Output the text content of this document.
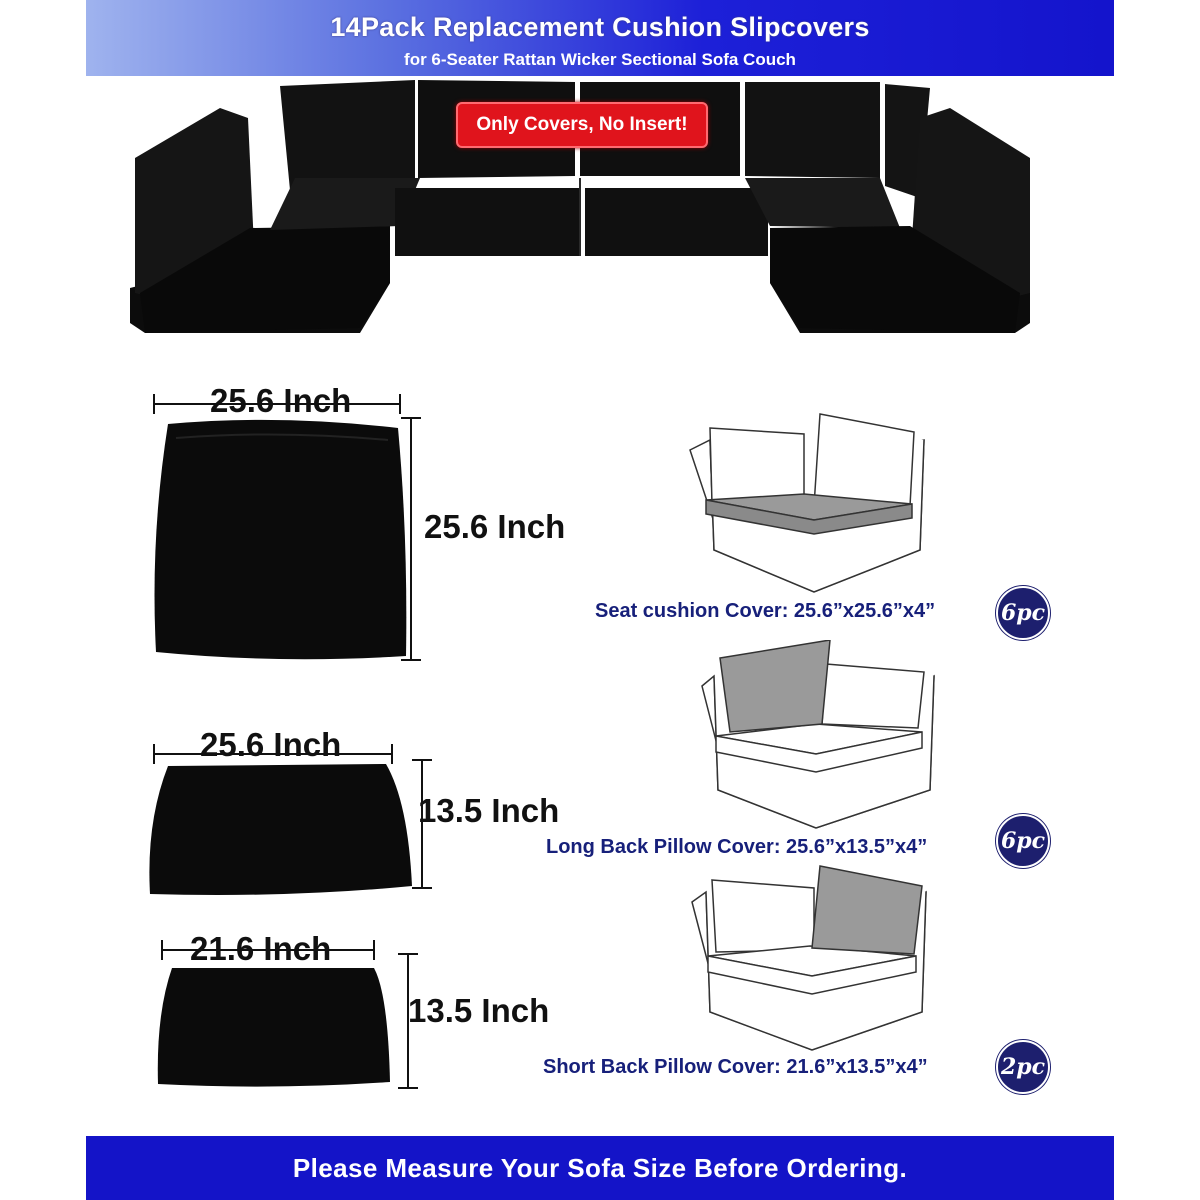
14Pack Replacement Cushion Slipcovers
for 6-Seater Rattan Wicker Sectional Sofa Couch
Only Covers, No Insert!
25.6 Inch
25.6 Inch
25.6 Inch
13.5 Inch
21.6 Inch
13.5 Inch
Seat cushion Cover: 25.6”x25.6”x4”	6pc
Long Back Pillow Cover: 25.6”x13.5”x4”	6pc
Short Back Pillow Cover: 21.6”x13.5”x4”	2pc
Please Measure Your Sofa Size Before Ordering.
